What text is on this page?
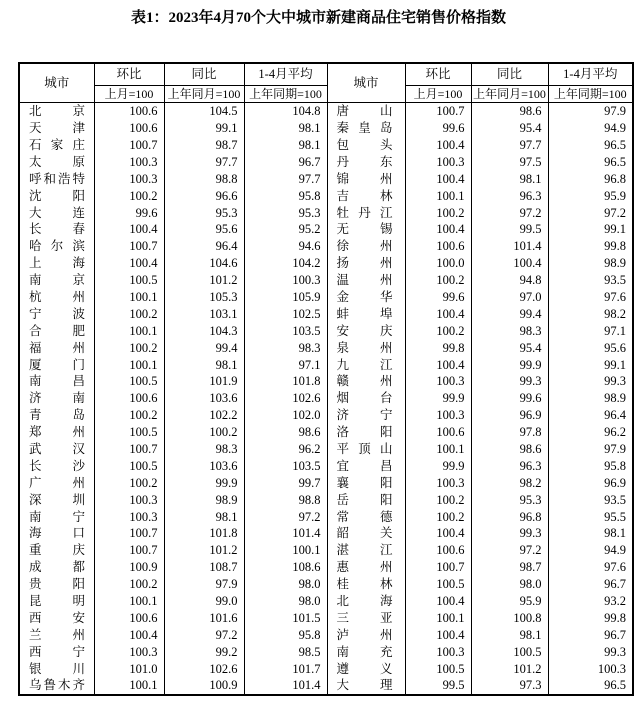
表1：2023年4月70个大中城市新建商品住宅销售价格指数
城市	环比	同比	1-4月平均	城市	环比	同比	1-4月平均
	上月=100	上年同月=100	上年同期=100		上月=100	上年同月=100	上年同期=100
北京	100.6	104.5	104.8	唐山	100.7	98.6	97.9
天津	100.6	99.1	98.1	秦皇岛	99.6	95.4	94.9
石家庄	100.7	98.7	98.1	包头	100.4	97.7	96.5
太原	100.3	97.7	96.7	丹东	100.3	97.5	96.5
呼和浩特	100.3	98.8	97.7	锦州	100.4	98.1	96.8
沈阳	100.2	96.6	95.8	吉林	100.1	96.3	95.9
大连	99.6	95.3	95.3	牡丹江	100.2	97.2	97.2
长春	100.4	95.6	95.2	无锡	100.4	99.5	99.1
哈尔滨	100.7	96.4	94.6	徐州	100.6	101.4	99.8
上海	100.4	104.6	104.2	扬州	100.0	100.4	98.9
南京	100.5	101.2	100.3	温州	100.2	94.8	93.5
杭州	100.1	105.3	105.9	金华	99.6	97.0	97.6
宁波	100.2	103.1	102.5	蚌埠	100.4	99.4	98.2
合肥	100.1	104.3	103.5	安庆	100.2	98.3	97.1
福州	100.2	99.4	98.3	泉州	99.8	95.4	95.6
厦门	100.1	98.1	97.1	九江	100.4	99.9	99.1
南昌	100.5	101.9	101.8	赣州	100.3	99.3	99.3
济南	100.6	103.6	102.6	烟台	99.9	99.6	98.9
青岛	100.2	102.2	102.0	济宁	100.3	96.9	96.4
郑州	100.5	100.2	98.6	洛阳	100.6	97.8	96.2
武汉	100.7	98.3	96.2	平顶山	100.1	98.6	97.9
长沙	100.5	103.6	103.5	宜昌	99.9	96.3	95.8
广州	100.2	99.9	99.7	襄阳	100.3	98.2	96.9
深圳	100.3	98.9	98.8	岳阳	100.2	95.3	93.5
南宁	100.3	98.1	97.2	常德	100.2	96.8	95.5
海口	100.7	101.8	101.4	韶关	100.4	99.3	98.1
重庆	100.7	101.2	100.1	湛江	100.6	97.2	94.9
成都	100.9	108.7	108.6	惠州	100.7	98.7	97.6
贵阳	100.2	97.9	98.0	桂林	100.5	98.0	96.7
昆明	100.1	99.0	98.0	北海	100.4	95.9	93.2
西安	100.6	101.6	101.5	三亚	100.1	100.8	99.8
兰州	100.4	97.2	95.8	泸州	100.4	98.1	96.7
西宁	100.3	99.2	98.5	南充	100.3	100.5	99.3
银川	101.0	102.6	101.7	遵义	100.5	101.2	100.3
乌鲁木齐	100.1	100.9	101.4	大理	99.5	97.3	96.5
